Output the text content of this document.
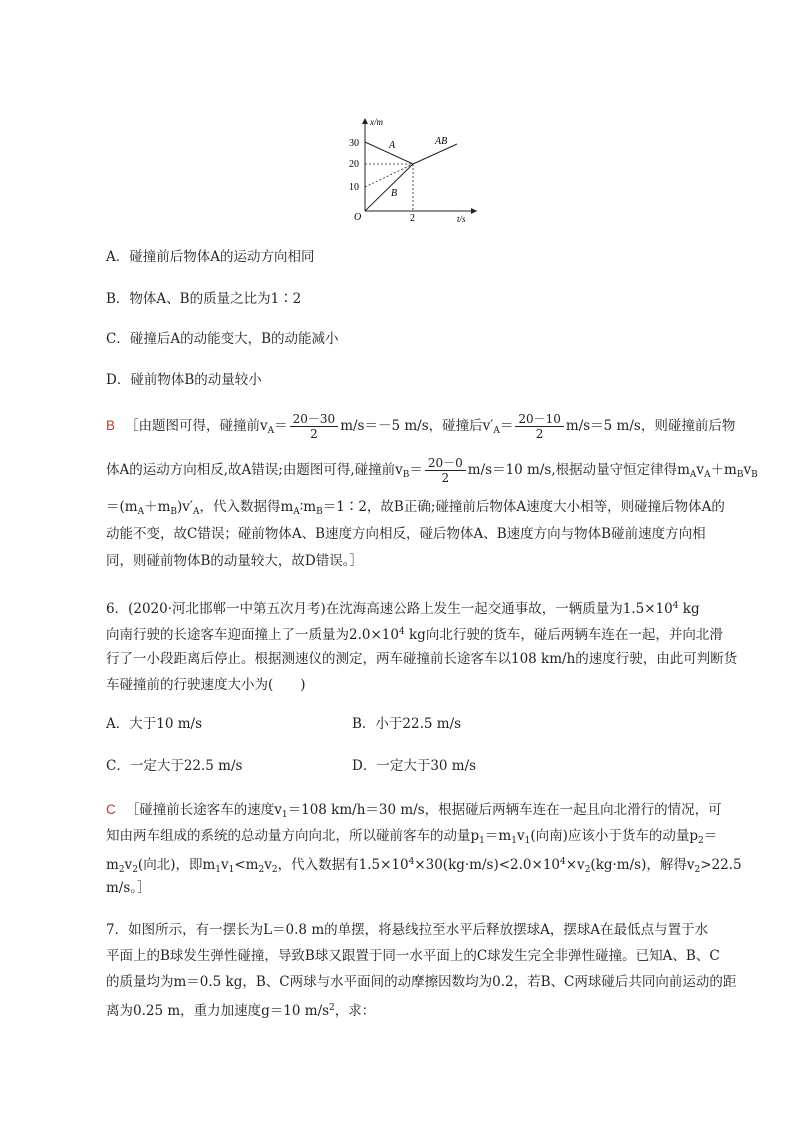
x/m
t/s
O
30
20
10
2
A
B
AB
A．碰撞前后物体A的运动方向相同
B．物体A、B的质量之比为1∶2
C．碰撞后A的动能变大，B的动能减小
D．碰前物体B的动量较小
B ［由题图可得，碰撞前$v_A= \frac{20-30}{2} m/s=-5$ m/s，碰撞后$v'_A= \frac{20-10}{2} m/s=5$ m/s，则碰撞前后物
体A的运动方向相反,故A错误;由题图可得,碰撞前$v_B= \frac{20-0}{2} m/s=10$ m/s,根据动量守恒定律得$m_Av_A+m_Bv_B$
$=(m_A+m_B)v'_A$，代入数据得$m_A∶m_B=1∶2$，故B正确;碰撞前后物体A速度大小相等，则碰撞后物体A的
动能不变，故C错误；碰前物体A、B速度方向相反，碰后物体A、B速度方向与物体B碰前速度方向相
同，则碰前物体B的动量较大，故D错误。］
6．(2020·河北邯郸一中第五次月考)在沈海高速公路上发生一起交通事故，一辆质量为$1.5\times 10^4$ kg
向南行驶的长途客车迎面撞上了一质量为$2.0\times 10^4$ kg向北行驶的货车，碰后两辆车连在一起，并向北滑
行了一小段距离后停止。根据测速仪的测定，两车碰撞前长途客车以108 km/h的速度行驶，由此可判断货
车碰撞前的行驶速度大小为(　　)
A．大于10 m/s	B．小于22.5 m/s
C．一定大于22.5 m/s	D．一定大于30 m/s
C ［碰撞前长途客车的速度$v_1=108$ km/h＝30 m/s，根据碰后两辆车连在一起且向北滑行的情况，可
知由两车组成的系统的总动量方向向北，所以碰前客车的动量$p_1=m_1v_1$(向南)应该小于货车的动量$p_2=$
$m_2v_2$(向北)，即$m_1v_1<m_2v_2$，代入数据有$1.5\times 10^4\times 30(kg\cdot m/s)<2.0\times 10^4\times v_2(kg\cdot m/s)$，解得$v_2>22.5$
m/s。］
7．如图所示，有一摆长为L＝0.8 m的单摆，将悬线拉至水平后释放摆球A，摆球A在最低点与置于水
平面上的B球发生弹性碰撞，导致B球又跟置于同一水平面上的C球发生完全非弹性碰撞。已知A、B、C
的质量均为m＝0.5 kg，B、C两球与水平面间的动摩擦因数均为0.2，若B、C两球碰后共同向前运动的距
离为0.25 m，重力加速度g＝10 $m/s^2$，求：
